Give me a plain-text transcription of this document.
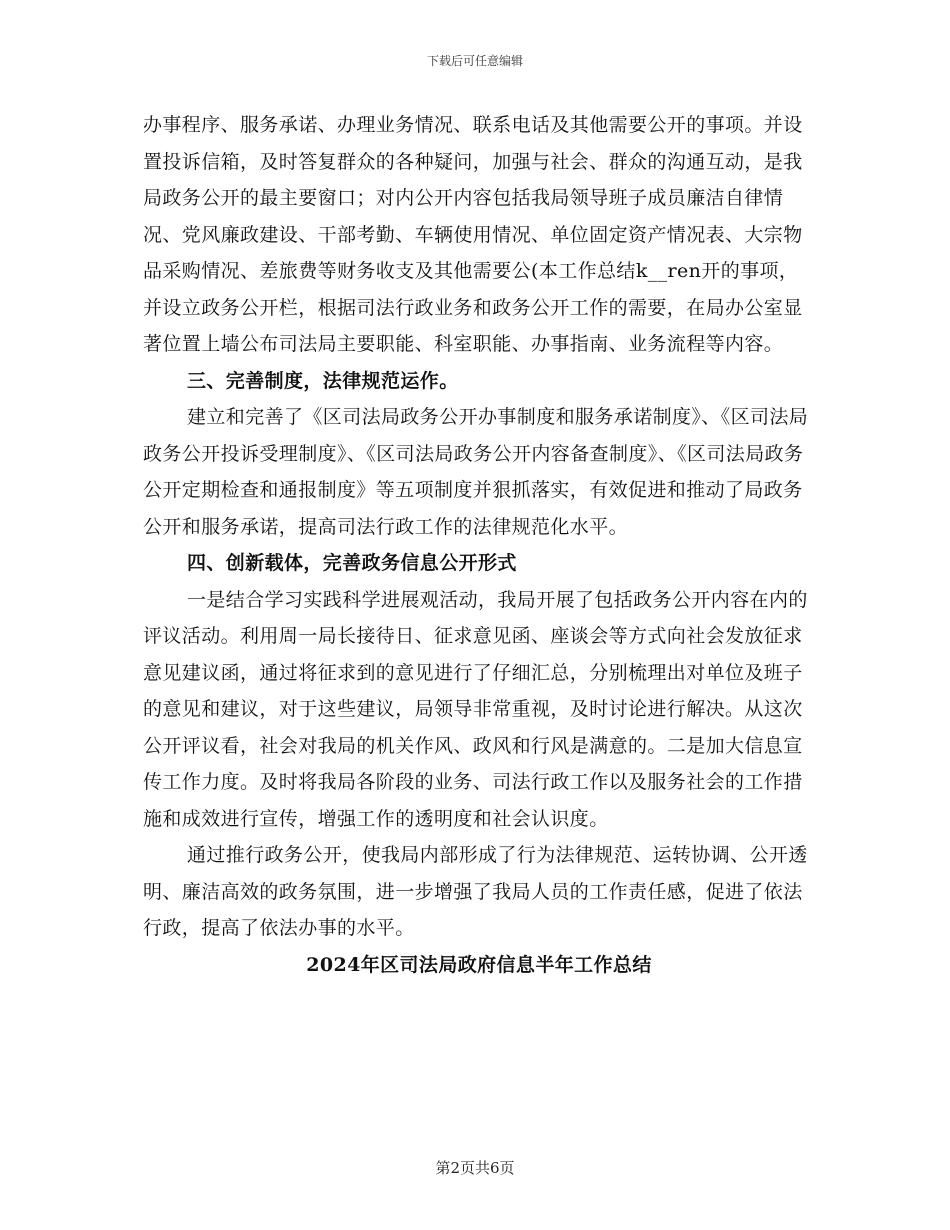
下载后可任意编辑

办事程序、服务承诺、办理业务情况、联系电话及其他需要公开的事项。并设置投诉信箱，及时答复群众的各种疑问，加强与社会、群众的沟通互动，是我局政务公开的最主要窗口；对内公开内容包括我局领导班子成员廉洁自律情况、党风廉政建设、干部考勤、车辆使用情况、单位固定资产情况表、大宗物品采购情况、差旅费等财务收支及其他需要公(本工作总结k__ren开的事项，并设立政务公开栏，根据司法行政业务和政务公开工作的需要，在局办公室显著位置上墙公布司法局主要职能、科室职能、办事指南、业务流程等内容。

三、完善制度，法律规范运作。

建立和完善了《区司法局政务公开办事制度和服务承诺制度》、《区司法局政务公开投诉受理制度》、《区司法局政务公开内容备查制度》、《区司法局政务公开定期检查和通报制度》等五项制度并狠抓落实，有效促进和推动了局政务公开和服务承诺，提高司法行政工作的法律规范化水平。

四、创新载体，完善政务信息公开形式

一是结合学习实践科学进展观活动，我局开展了包括政务公开内容在内的评议活动。利用周一局长接待日、征求意见函、座谈会等方式向社会发放征求意见建议函，通过将征求到的意见进行了仔细汇总，分别梳理出对单位及班子的意见和建议，对于这些建议，局领导非常重视，及时讨论进行解决。从这次公开评议看，社会对我局的机关作风、政风和行风是满意的。二是加大信息宣传工作力度。及时将我局各阶段的业务、司法行政工作以及服务社会的工作措施和成效进行宣传，增强工作的透明度和社会认识度。

通过推行政务公开，使我局内部形成了行为法律规范、运转协调、公开透明、廉洁高效的政务氛围，进一步增强了我局人员的工作责任感，促进了依法行政，提高了依法办事的水平。

2024年区司法局政府信息半年工作总结

第2页共6页
